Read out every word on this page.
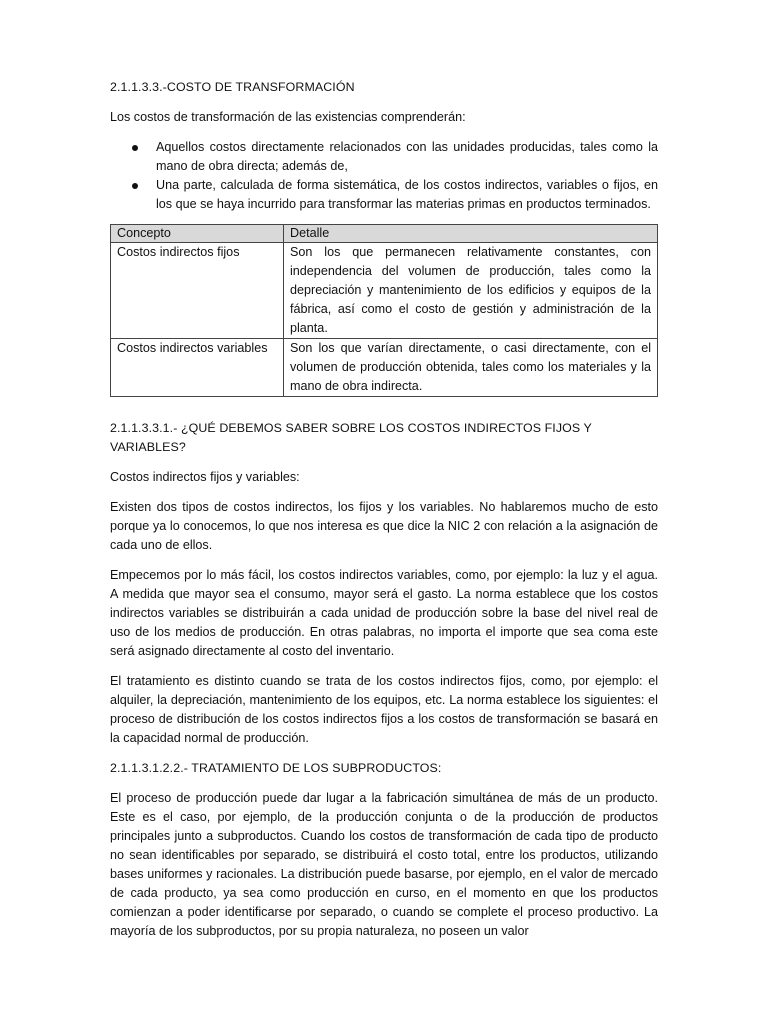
2.1.1.3.3.-COSTO DE TRANSFORMACIÓN

Los costos de transformación de las existencias comprenderán:

Aquellos costos directamente relacionados con las unidades producidas, tales como la mano de obra directa; además de,
Una parte, calculada de forma sistemática, de los costos indirectos, variables o fijos, en los que se haya incurrido para transformar las materias primas en productos terminados.
Concepto	Detalle
Costos indirectos fijos	Son los que permanecen relativamente constantes, con independencia del volumen de producción, tales como la depreciación y mantenimiento de los edificios y equipos de la fábrica, así como el costo de gestión y administración de la planta.
Costos indirectos variables	Son los que varían directamente, o casi directamente, con el volumen de producción obtenida, tales como los materiales y la mano de obra indirecta.

2.1.1.3.3.1.- ¿QUÉ DEBEMOS SABER SOBRE LOS COSTOS INDIRECTOS FIJOS Y VARIABLES?

Costos indirectos fijos y variables:

Existen dos tipos de costos indirectos, los fijos y los variables. No hablaremos mucho de esto porque ya lo conocemos, lo que nos interesa es que dice la NIC 2 con relación a la asignación de cada uno de ellos.

Empecemos por lo más fácil, los costos indirectos variables, como, por ejemplo: la luz y el agua. A medida que mayor sea el consumo, mayor será el gasto. La norma establece que los costos indirectos variables se distribuirán a cada unidad de producción sobre la base del nivel real de uso de los medios de producción. En otras palabras, no importa el importe que sea coma este será asignado directamente al costo del inventario.

El tratamiento es distinto cuando se trata de los costos indirectos fijos, como, por ejemplo: el alquiler, la depreciación, mantenimiento de los equipos, etc. La norma establece los siguientes: el proceso de distribución de los costos indirectos fijos a los costos de transformación se basará en la capacidad normal de producción.

2.1.1.3.1.2.2.- TRATAMIENTO DE LOS SUBPRODUCTOS:

El proceso de producción puede dar lugar a la fabricación simultánea de más de un producto. Este es el caso, por ejemplo, de la producción conjunta o de la producción de productos principales junto a subproductos. Cuando los costos de transformación de cada tipo de producto no sean identificables por separado, se distribuirá el costo total, entre los productos, utilizando bases uniformes y racionales. La distribución puede basarse, por ejemplo, en el valor de mercado de cada producto, ya sea como producción en curso, en el momento en que los productos comienzan a poder identificarse por separado, o cuando se complete el proceso productivo. La mayoría de los subproductos, por su propia naturaleza, no poseen un valor
